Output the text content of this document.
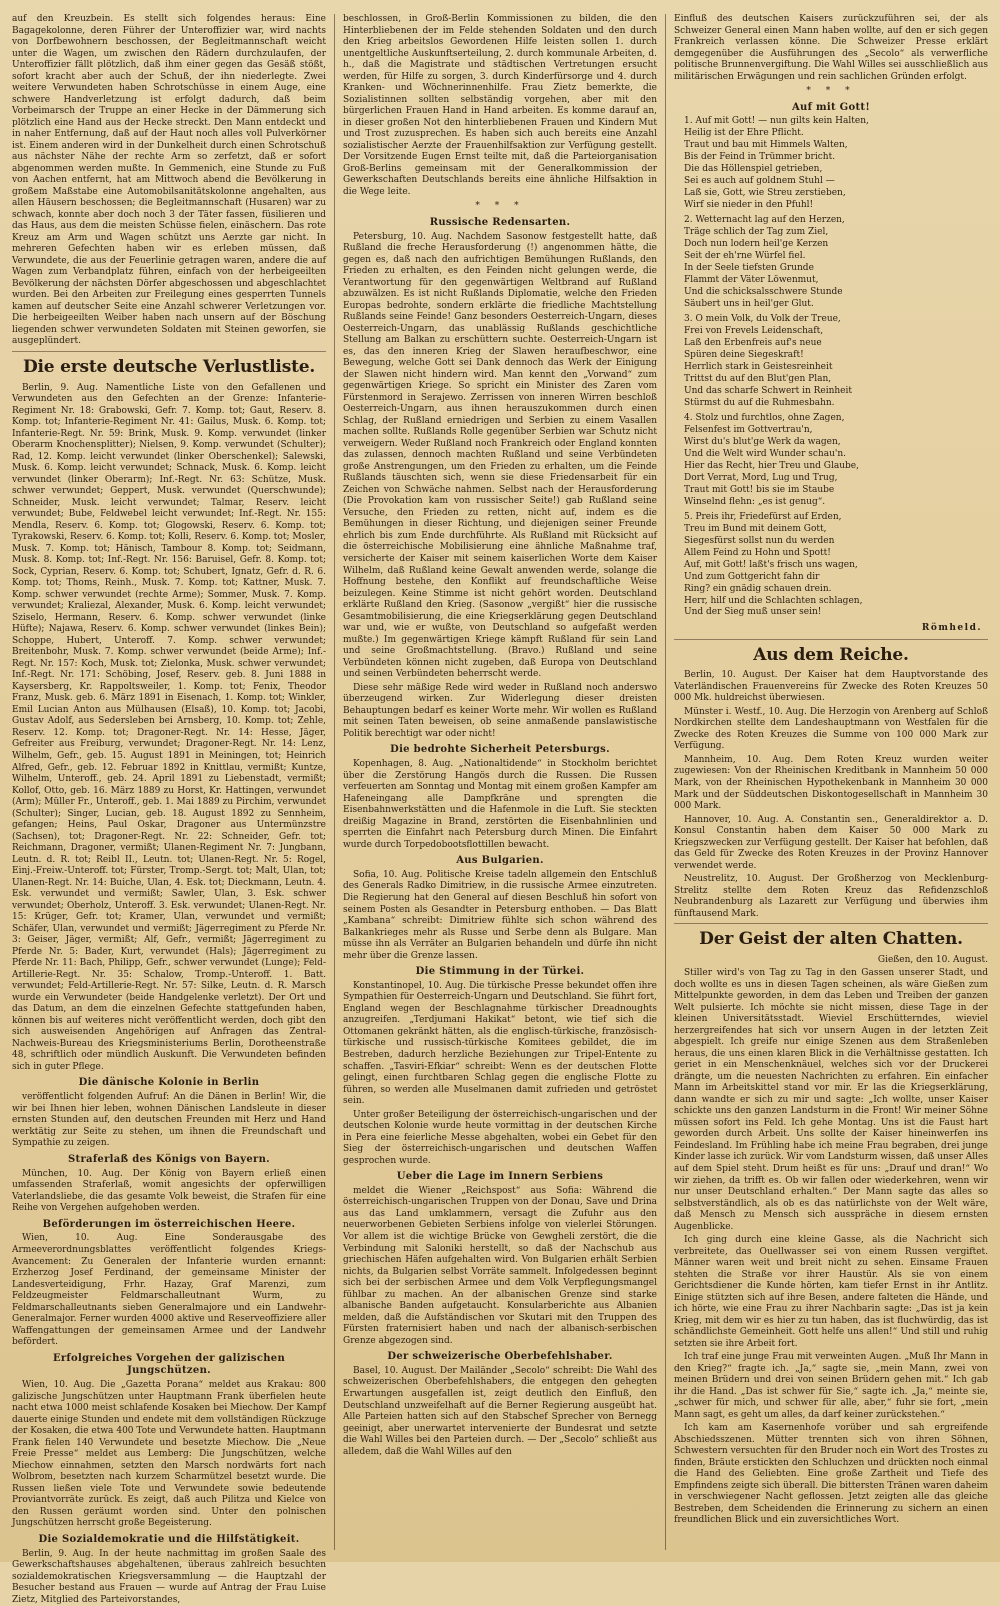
auf den Kreuzbein. Es stellt sich folgendes heraus: Eine Bagagekolonne, deren Führer der Unteroffizier war, wird nachts von Dorfbewohnern beschossen, der Begleitmannschaft weicht unter die Wagen, um zwischen den Rädern durchzulaufen, der Unteroffizier fällt plötzlich, daß ihm einer gegen das Gesäß stößt, sofort kracht aber auch der Schuß, der ihn niederlegte. Zwei weitere Verwundeten haben Schrotschüsse in einem Auge, eine schwere Handverletzung ist erfolgt dadurch, daß beim Vorbeimarsch der Truppe an einer Hecke in der Dämmerung sich plötzlich eine Hand aus der Hecke streckt. Den Mann entdeckt und in naher Entfernung, daß auf der Haut noch alles voll Pulverkörner ist. Einem anderen wird in der Dunkelheit durch einen Schrotschuß aus nächster Nähe der rechte Arm so zerfetzt, daß er sofort abgenommen werden mußte. In Gemmenich, eine Stunde zu Fuß von Aachen entfernt, hat am Mittwoch abend die Bevölkerung in großem Maßstabe eine Automobilsanitätskolonne angehalten, aus allen Häusern beschossen; die Begleitmannschaft (Husaren) war zu schwach, konnte aber doch noch 3 der Täter fassen, füsilieren und das Haus, aus dem die meisten Schüsse fielen, einäschern. Das rote Kreuz am Arm und Wagen schützt uns Aerzte gar nicht. In mehreren Gefechten haben wir es erleben müssen, daß Verwundete, die aus der Feuerlinie getragen waren, andere die auf Wagen zum Verbandplatz führen, einfach von der herbeigeeilten Bevölkerung der nächsten Dörfer abgeschossen und abgeschlachtet wurden. Bei den Arbeiten zur Freilegung eines gesperrten Tunnels kamen auf deutscher Seite eine Anzahl schwerer Verletzungen vor. Die herbeigeeilten Weiber haben nach unsern auf der Böschung liegenden schwer verwundeten Soldaten mit Steinen geworfen, sie ausgeplündert.

Die erste deutsche Verlustliste.

Berlin, 9. Aug. Namentliche Liste von den Gefallenen und Verwundeten aus den Gefechten an der Grenze: Infanterie-Regiment Nr. 18: Grabowski, Gefr. 7. Komp. tot; Gaut, Reserv. 8. Komp. tot; Infanterie-Regiment Nr. 41: Gailus, Musk. 6. Komp. tot; Infanterie-Regt. Nr. 59: Brink, Musk. 9. Komp. verwundet (linker Oberarm Knochensplitter); Nielsen, 9. Komp. verwundet (Schulter); Rad, 12. Komp. leicht verwundet (linker Oberschenkel); Salewski, Musk. 6. Komp. leicht verwundet; Schnack, Musk. 6. Komp. leicht verwundet (linker Oberarm); Inf.-Regt. Nr. 63: Schütze, Musk. schwer verwundet; Geppert, Musk. verwundet (Querschwunde); Schneider, Musk. leicht verwundet; Talmar, Reserv. leicht verwundet; Bube, Feldwebel leicht verwundet; Inf.-Regt. Nr. 155: Mendla, Reserv. 6. Komp. tot; Glogowski, Reserv. 6. Komp. tot; Tyrakowski, Reserv. 6. Komp. tot; Kolli, Reserv. 6. Komp. tot; Mosler, Musk. 7. Komp. tot; Hänisch, Tambour 8. Komp. tot; Seidmann, Musk. 8. Komp. tot; Inf.-Regt. Nr. 156: Baruisel, Gefr. 8. Komp. tot; Sock, Cyprian, Reserv. 6. Komp. tot; Schubert, Ignatz, Gefr. d. R. 6. Komp. tot; Thoms, Reinh., Musk. 7. Komp. tot; Kattner, Musk. 7. Komp. schwer verwundet (rechte Arme); Sommer, Musk. 7. Komp. verwundet; Kraliezal, Alexander, Musk. 6. Komp. leicht verwundet; Sziselo, Hermann, Reserv. 6. Komp. schwer verwundet (linke Hüfte); Najawa, Reserv. 6. Komp. schwer verwundet (linkes Bein); Schoppe, Hubert, Unteroff. 7. Komp. schwer verwundet; Breitenbohr, Musk. 7. Komp. schwer verwundet (beide Arme); Inf.-Regt. Nr. 157: Koch, Musk. tot; Zielonka, Musk. schwer verwundet; Inf.-Regt. Nr. 171: Schöbing, Josef, Reserv. geb. 8. Juni 1888 in Kaysersberg, Kr. Rappoltsweiler, 1. Komp. tot; Fenix, Theodor Franz, Musk. geb. 6. März 1891 in Eisenach, 1. Komp. tot; Winkler, Emil Lucian Anton aus Mülhausen (Elsaß), 10. Komp. tot; Jacobi, Gustav Adolf, aus Sedersleben bei Arnsberg, 10. Komp. tot; Zehle, Reserv. 12. Komp. tot; Dragoner-Regt. Nr. 14: Hesse, Jäger, Gefreiter aus Freiburg, verwundet; Dragoner-Regt. Nr. 14: Lenz, Wilhelm, Gefr., geb. 15. August 1891 in Meiningen, tot; Heinrich Alfred, Gefr., geb. 12. Februar 1892 in Knittlau, vermißt; Kuntze, Wilhelm, Unteroff., geb. 24. April 1891 zu Liebenstadt, vermißt; Kollof, Otto, geb. 16. März 1889 zu Horst, Kr. Hattingen, verwundet (Arm); Müller Fr., Unteroff., geb. 1. Mai 1889 zu Pirchim, verwundet (Schulter); Singer, Lucian, geb. 18. August 1892 zu Sennheim, gefangen; Heins, Paul Oskar, Dragoner aus Untermünzstre (Sachsen), tot; Dragoner-Regt. Nr. 22: Schneider, Gefr. tot; Reichmann, Dragoner, vermißt; Ulanen-Regiment Nr. 7: Jungbann, Leutn. d. R. tot; Reibl II., Leutn. tot; Ulanen-Regt. Nr. 5: Rogel, Einj.-Freiw.-Unteroff. tot; Fürster, Tromp.-Sergt. tot; Malt, Ulan, tot; Ulanen-Regt. Nr. 14: Buiche, Ulan, 4. Esk. tot; Dieckmann, Leutn. 4. Esk. verwundet und vermißt; Sawler, Ulan, 3. Esk. schwer verwundet; Oberholz, Unteroff. 3. Esk. verwundet; Ulanen-Regt. Nr. 15: Krüger, Gefr. tot; Kramer, Ulan, verwundet und vermißt; Schäfer, Ulan, verwundet und vermißt; Jägerregiment zu Pferde Nr. 3: Geiser, Jäger, vermißt; Alf, Gefr., vermißt; Jägerregiment zu Pferde Nr. 5: Bader, Kurt, verwundet (Hals); Jägerregiment zu Pferde Nr. 11: Bach, Philipp, Gefr., schwer verwundet (Lunge); Feld-Artillerie-Regt. Nr. 35: Schalow, Tromp.-Unteroff. 1. Batt. verwundet; Feld-Artillerie-Regt. Nr. 57: Silke, Leutn. d. R. Marsch wurde ein Verwundeter (beide Handgelenke verletzt). Der Ort und das Datum, an dem die einzelnen Gefechte stattgefunden haben, können bis auf weiteres nicht veröffentlicht werden, doch gibt den sich ausweisenden Angehörigen auf Anfragen das Zentral-Nachweis-Bureau des Kriegsministeriums Berlin, Dorotheenstraße 48, schriftlich oder mündlich Auskunft. Die Verwundeten befinden sich in guter Pflege.

Die dänische Kolonie in Berlin

veröffentlicht folgenden Aufruf: An die Dänen in Berlin! Wir, die wir bei Ihnen hier leben, wohnen Dänischen Landsleute in dieser ernsten Stunden auf, den deutschen Freunden mit Herz und Hand werktätig zur Seite zu stehen, um ihnen die Freundschaft und Sympathie zu zeigen.

Straferlaß des Königs von Bayern.

München, 10. Aug. Der König von Bayern erließ einen umfassenden Straferlaß, womit angesichts der opferwilligen Vaterlandsliebe, die das gesamte Volk beweist, die Strafen für eine Reihe von Vergehen aufgehoben werden.

Beförderungen im österreichischen Heere.

Wien, 10. Aug. Eine Sonderausgabe des Armeeverordnungsblattes veröffentlicht folgendes Kriegs-Avancement: Zu Generalen der Infanterie wurden ernannt: Erzherzog Josef Ferdinand, der gemeinsame Minister der Landesverteidigung, Frhr. Hazay, Graf Marenzi, zum Feldzeugmeister Feldmarschalleutnant Wurm, zu Feldmarschalleutnants sieben Generalmajore und ein Landwehr-Generalmajor. Ferner wurden 4000 aktive und Reserveoffiziere aller Waffengattungen der gemeinsamen Armee und der Landwehr befördert.

Erfolgreiches Vorgehen der galizischen Jungschützen.

Wien, 10. Aug. Die „Gazetta Porana“ meldet aus Krakau: 800 galizische Jungschützen unter Hauptmann Frank überfielen heute nacht etwa 1000 meist schlafende Kosaken bei Miechow. Der Kampf dauerte einige Stunden und endete mit dem vollständigen Rückzuge der Kosaken, die etwa 400 Tote und Verwundete hatten. Hauptmann Frank fielen 140 Verwundete und besetzte Miechow. Die „Neue Freie Presse“ meldet aus Lemberg: Die Jungschützen, welche Miechow einnahmen, setzten den Marsch nordwärts fort nach Wolbrom, besetzten nach kurzem Scharmützel besetzt wurde. Die Russen ließen viele Tote und Verwundete sowie bedeutende Proviantvorräte zurück. Es zeigt, daß auch Pilitza und Kielce von den Russen geräumt worden sind. Unter den polnischen Jungschützen herrscht große Begeisterung.

Die Sozialdemokratie und die Hilfstätigkeit.

Berlin, 9. Aug. In der heute nachmittag im großen Saale des Gewerkschaftshauses abgehaltenen, überaus zahlreich besuchten sozialdemokratischen Kriegsversammlung — die Hauptzahl der Besucher bestand aus Frauen — wurde auf Antrag der Frau Luise Zietz, Mitglied des Parteivorstandes,

beschlossen, in Groß-Berlin Kommissionen zu bilden, die den Hinterbliebenen der im Felde stehenden Soldaten und den durch den Krieg arbeitslos Gewordenen Hilfe leisten sollen 1. durch unentgeltliche Auskunftserteilung, 2. durch kommunale Arbeiten, d. h., daß die Magistrate und städtischen Vertretungen ersucht werden, für Hilfe zu sorgen, 3. durch Kinderfürsorge und 4. durch Kranken- und Wöchnerinnenhilfe. Frau Zietz bemerkte, die Sozialistinnen sollten selbständig vorgehen, aber mit den bürgerlichen Frauen Hand in Hand arbeiten. Es komme darauf an, in dieser großen Not den hinterbliebenen Frauen und Kindern Mut und Trost zuzusprechen. Es haben sich auch bereits eine Anzahl sozialistischer Aerzte der Frauenhilfsaktion zur Verfügung gestellt. Der Vorsitzende Eugen Ernst teilte mit, daß die Parteiorganisation Groß-Berlins gemeinsam mit der Generalkommission der Gewerkschaften Deutschlands bereits eine ähnliche Hilfsaktion in die Wege leite.

* * *
Russische Redensarten.

Petersburg, 10. Aug. Nachdem Sasonow festgestellt hatte, daß Rußland die freche Herausforderung (!) angenommen hätte, die gegen es, daß nach den aufrichtigen Bemühungen Rußlands, den Frieden zu erhalten, es den Feinden nicht gelungen werde, die Verantwortung für den gegenwärtigen Weltbrand auf Rußland abzuwälzen. Es ist nicht Rußlands Diplomatie, welche den Frieden Europas bedrohte, sondern erklärte die friedliche Machtstellung Rußlands seine Feinde! Ganz besonders Oesterreich-Ungarn, dieses Oesterreich-Ungarn, das unablässig Rußlands geschichtliche Stellung am Balkan zu erschüttern suchte. Oesterreich-Ungarn ist es, das den inneren Krieg der Slawen heraufbeschwor, eine Bewegung, welche Gott sei Dank dennoch das Werk der Einigung der Slawen nicht hindern wird. Man kennt den „Vorwand“ zum gegenwärtigen Kriege. So spricht ein Minister des Zaren vom Fürstenmord in Serajewo. Zerrissen von inneren Wirren beschloß Oesterreich-Ungarn, aus ihnen herauszukommen durch einen Schlag, der Rußland erniedrigen und Serbien zu einem Vasallen machen sollte. Rußlands Rolle gegenüber Serbien war Schutz nicht verweigern. Weder Rußland noch Frankreich oder England konnten das zulassen, dennoch machten Rußland und seine Verbündeten große Anstrengungen, um den Frieden zu erhalten, um die Feinde Rußlands täuschten sich, wenn sie diese Friedensarbeit für ein Zeichen von Schwäche nahmen. Selbst nach der Herausforderung (Die Provokation kam von russischer Seite!) gab Rußland seine Versuche, den Frieden zu retten, nicht auf, indem es die Bemühungen in dieser Richtung, und diejenigen seiner Freunde ehrlich bis zum Ende durchführte. Als Rußland mit Rücksicht auf die österreichische Mobilisierung eine ähnliche Maßnahme traf, versicherte der Kaiser mit seinem kaiserlichen Worte dem Kaiser Wilhelm, daß Rußland keine Gewalt anwenden werde, solange die Hoffnung bestehe, den Konflikt auf freundschaftliche Weise beizulegen. Keine Stimme ist nicht gehört worden. Deutschland erklärte Rußland den Krieg. (Sasonow „vergißt“ hier die russische Gesamtmobilisierung, die eine Kriegserklärung gegen Deutschland war und, wie er wußte, von Deutschland so aufgefaßt werden mußte.) Im gegenwärtigen Kriege kämpft Rußland für sein Land und seine Großmachtstellung. (Bravo.) Rußland und seine Verbündeten können nicht zugeben, daß Europa von Deutschland und seinen Verbündeten beherrscht werde.

Diese sehr mäßige Rede wird weder in Rußland noch anderswo überzeugend wirken. Zur Widerlegung dieser dreisten Behauptungen bedarf es keiner Worte mehr. Wir wollen es Rußland mit seinen Taten beweisen, ob seine anmaßende panslawistische Politik berechtigt war oder nicht!

Die bedrohte Sicherheit Petersburgs.

Kopenhagen, 8. Aug. „Nationaltidende“ in Stockholm berichtet über die Zerstörung Hangös durch die Russen. Die Russen verfeuerten am Sonntag und Montag mit einem großen Kampfer am Hafeneingang alle Dampfkräne und sprengten die Eisenbahnwerkstätten und die Hafenmole in die Luft. Sie steckten dreißig Magazine in Brand, zerstörten die Eisenbahnlinien und sperrten die Einfahrt nach Petersburg durch Minen. Die Einfahrt wurde durch Torpedobootsflottillen bewacht.

Aus Bulgarien.

Sofia, 10. Aug. Politische Kreise tadeln allgemein den Entschluß des Generals Radko Dimitriew, in die russische Armee einzutreten. Die Regierung hat den General auf diesen Beschluß hin sofort von seinem Posten als Gesandter in Petersburg enthoben. — Das Blatt „Kambana“ schreibt: Dimitriew fühlte sich schon während des Balkankrieges mehr als Russe und Serbe denn als Bulgare. Man müsse ihn als Verräter an Bulgarien behandeln und dürfe ihn nicht mehr über die Grenze lassen.

Die Stimmung in der Türkei.

Konstantinopel, 10. Aug. Die türkische Presse bekundet offen ihre Sympathien für Oesterreich-Ungarn und Deutschland. Sie führt fort, England wegen der Beschlagnahme türkischer Dreadnoughts anzugreifen. „Terdjumani Hakikat“ betont, wie tief sich die Ottomanen gekränkt hätten, als die englisch-türkische, französisch-türkische und russisch-türkische Komitees gebildet, die im Bestreben, dadurch herzliche Beziehungen zur Tripel-Entente zu schaffen. „Tasviri-Efkiar“ schreibt: Wenn es der deutschen Flotte gelingt, einen furchtbaren Schlag gegen die englische Flotte zu führen, so werden alle Muselmanen damit zufrieden und getröstet sein.

Unter großer Beteiligung der österreichisch-ungarischen und der deutschen Kolonie wurde heute vormittag in der deutschen Kirche in Pera eine feierliche Messe abgehalten, wobei ein Gebet für den Sieg der österreichisch-ungarischen und deutschen Waffen gesprochen wurde.

Ueber die Lage im Innern Serbiens

meldet die Wiener „Reichspost“ aus Sofia: Während die österreichisch-ungarischen Truppen von der Donau, Save und Drina aus das Land umklammern, versagt die Zufuhr aus den neuerworbenen Gebieten Serbiens infolge von vielerlei Störungen. Vor allem ist die wichtige Brücke von Gewgheli zerstört, die die Verbindung mit Saloniki herstellt, so daß der Nachschub aus griechischen Häfen aufgehalten wird. Von Bulgarien erhält Serbien nichts, da Bulgarien selbst Vorräte sammelt. Infolgedessen beginnt sich bei der serbischen Armee und dem Volk Verpflegungsmangel fühlbar zu machen. An der albanischen Grenze sind starke albanische Banden aufgetaucht. Konsularberichte aus Albanien melden, daß die Aufständischen vor Skutari mit den Truppen des Fürsten fraternisiert haben und nach der albanisch-serbischen Grenze abgezogen sind.

Der schweizerische Oberbefehlshaber.

Basel, 10. August. Der Mailänder „Secolo“ schreibt: Die Wahl des schweizerischen Oberbefehlshabers, die entgegen den gehegten Erwartungen ausgefallen ist, zeigt deutlich den Einfluß, den Deutschland unzweifelhaft auf die Berner Regierung ausgeübt hat. Alle Parteien hatten sich auf den Stabschef Sprecher von Bernegg geeinigt, aber unerwartet intervenierte der Bundesrat und setzte die Wahl Willes bei den Parteien durch. — Der „Secolo“ schließt aus alledem, daß die Wahl Willes auf den

Einfluß des deutschen Kaisers zurückzuführen sei, der als Schweizer General einen Mann haben wollte, auf den er sich gegen Frankreich verlassen könne. Die Schweizer Presse erklärt demgegenüber die Ausführungen des „Secolo“ als verwerfliche politische Brunnenvergiftung. Die Wahl Willes sei ausschließlich aus militärischen Erwägungen und rein sachlichen Gründen erfolgt.

* * *
Auf mit Gott!
1. Auf mit Gott! — nun gilts kein Halten,
Heilig ist der Ehre Pflicht.
Traut und bau mit Himmels Walten,
Bis der Feind in Trümmer bricht.
Die das Höllenspiel getrieben,
Sei es auch auf goldnem Stuhl —
Laß sie, Gott, wie Streu zerstieben,
Wirf sie nieder in den Pfuhl!
2. Wetternacht lag auf den Herzen,
Träge schlich der Tag zum Ziel,
Doch nun lodern heil'ge Kerzen
Seit der eh'rne Würfel fiel.
In der Seele tiefsten Grunde
Flammt der Väter Löwenmut,
Und die schicksalsschwere Stunde
Säubert uns in heil'ger Glut.
3. O mein Volk, du Volk der Treue,
Frei von Frevels Leidenschaft,
Laß den Erbenfreis auf's neue
Spüren deine Siegeskraft!
Herrlich stark in Geistesreinheit
Trittst du auf den Blut'gen Plan,
Und das scharfe Schwert in Reinheit
Stürmst du auf die Ruhmesbahn.
4. Stolz und furchtlos, ohne Zagen,
Felsenfest im Gottvertrau'n,
Wirst du's blut'ge Werk da wagen,
Und die Welt wird Wunder schau'n.
Hier das Recht, hier Treu und Glaube,
Dort Verrat, Mord, Lug und Trug,
Traut mit Gott! bis sie im Staube
Winselnd flehn: „es ist genug“.
5. Preis ihr, Friedefürst auf Erden,
Treu im Bund mit deinem Gott,
Siegesfürst sollst nun du werden
Allem Feind zu Hohn und Spott!
Auf, mit Gott! laßt's frisch uns wagen,
Und zum Gottgericht fahn dir
Ring? ein gnädig schauen drein.
Herr, hilf und die Schlachten schlagen,
Und der Sieg muß unser sein!
Römheld.
Aus dem Reiche.

Berlin, 10. August. Der Kaiser hat dem Hauptvorstande des Vaterländischen Frauenvereins für Zwecke des Roten Kreuzes 50 000 Mk. huldreichst überwiesen.

Münster i. Westf., 10. Aug. Die Herzogin von Arenberg auf Schloß Nordkirchen stellte dem Landeshauptmann von Westfalen für die Zwecke des Roten Kreuzes die Summe von 100 000 Mark zur Verfügung.

Mannheim, 10. Aug. Dem Roten Kreuz wurden weiter zugewiesen: Von der Rheinischen Kreditbank in Mannheim 50 000 Mark, von der Rheinischen Hypothekenbank in Mannheim 30 000 Mark und der Süddeutschen Diskontogesellschaft in Mannheim 30 000 Mark.

Hannover, 10. Aug. A. Constantin sen., Generaldirektor a. D. Konsul Constantin haben dem Kaiser 50 000 Mark zu Kriegszwecken zur Verfügung gestellt. Der Kaiser hat befohlen, daß das Geld für Zwecke des Roten Kreuzes in der Provinz Hannover verwendet werde.

Neustrelitz, 10. August. Der Großherzog von Mecklenburg-Strelitz stellte dem Roten Kreuz das Refidenzschloß Neubrandenburg als Lazarett zur Verfügung und überwies ihm fünftausend Mark.

Der Geist der alten Chatten.
Gießen, den 10. August.

Stiller wird's von Tag zu Tag in den Gassen unserer Stadt, und doch wollte es uns in diesen Tagen scheinen, als wäre Gießen zum Mittelpunkte geworden, in dem das Leben und Treiben der ganzen Welt pulsierte. Ich möchte sie nicht missen, diese Tage in der kleinen Universitätsstadt. Wieviel Erschütterndes, wieviel herzergreifendes hat sich vor unsern Augen in der letzten Zeit abgespielt. Ich greife nur einige Szenen aus dem Straßenleben heraus, die uns einen klaren Blick in die Verhältnisse gestatten. Ich geriet in ein Menschenknäuel, welches sich vor der Druckerei drängte, um die neuesten Nachrichten zu erfahren. Ein einfacher Mann im Arbeitskittel stand vor mir. Er las die Kriegserklärung, dann wandte er sich zu mir und sagte: „Ich wollte, unser Kaiser schickte uns den ganzen Landsturm in die Front! Wir meiner Söhne müssen sofort ins Feld. Ich gehe Montag. Uns ist die Faust hart geworden durch Arbeit. Uns sollte der Kaiser hineinwerfen ins Feindesland. Im Frühling habe ich meine Frau begraben, drei junge Kinder lasse ich zurück. Wir vom Landsturm wissen, daß unser Alles auf dem Spiel steht. Drum heißt es für uns: „Drauf und dran!“ Wo wir ziehen, da trifft es. Ob wir fallen oder wiederkehren, wenn wir nur unser Deutschland erhalten.“ Der Mann sagte das alles so selbstverständlich, als ob es das natürlichste von der Welt wäre, daß Mensch zu Mensch sich ausspräche in diesem ernsten Augenblicke.

Ich ging durch eine kleine Gasse, als die Nachricht sich verbreitete, das Ouellwasser sei von einem Russen vergiftet. Männer waren weit und breit nicht zu sehen. Einsame Frauen stehten die Straße vor ihrer Haustür. Als sie von einem Gerichtsdiener die Kunde hörten, kam tiefer Ernst in ihr Antlitz. Einige stützten sich auf ihre Besen, andere falteten die Hände, und ich hörte, wie eine Frau zu ihrer Nachbarin sagte: „Das ist ja kein Krieg, mit dem wir es hier zu tun haben, das ist fluchwürdig, das ist schändlichste Gemeinheit. Gott helfe uns allen!“ Und still und ruhig setzten sie ihre Arbeit fort.

Ich traf eine junge Frau mit verweinten Augen. „Muß Ihr Mann in den Krieg?“ fragte ich. „Ja,“ sagte sie, „mein Mann, zwei von meinen Brüdern und drei von seinen Brüdern gehen mit.“ Ich gab ihr die Hand. „Das ist schwer für Sie,“ sagte ich. „Ja,“ meinte sie, „schwer für mich, und schwer für alle, aber,“ fuhr sie fort, „mein Mann sagt, es geht um alles, da darf keiner zurückstehen.“

Ich kam am Kasernenhofe vorüber und sah ergreifende Abschiedsszenen. Mütter trennten sich von ihren Söhnen, Schwestern versuchten für den Bruder noch ein Wort des Trostes zu finden, Bräute erstickten den Schluchzen und drückten noch einmal die Hand des Geliebten. Eine große Zartheit und Tiefe des Empfindens zeigte sich überall. Die bittersten Tränen waren daheim in verschwiegener Nacht geflossen. Jetzt zeigten alle das gleiche Bestreben, dem Scheidenden die Erinnerung zu sichern an einen freundlichen Blick und ein zuversichtliches Wort.
